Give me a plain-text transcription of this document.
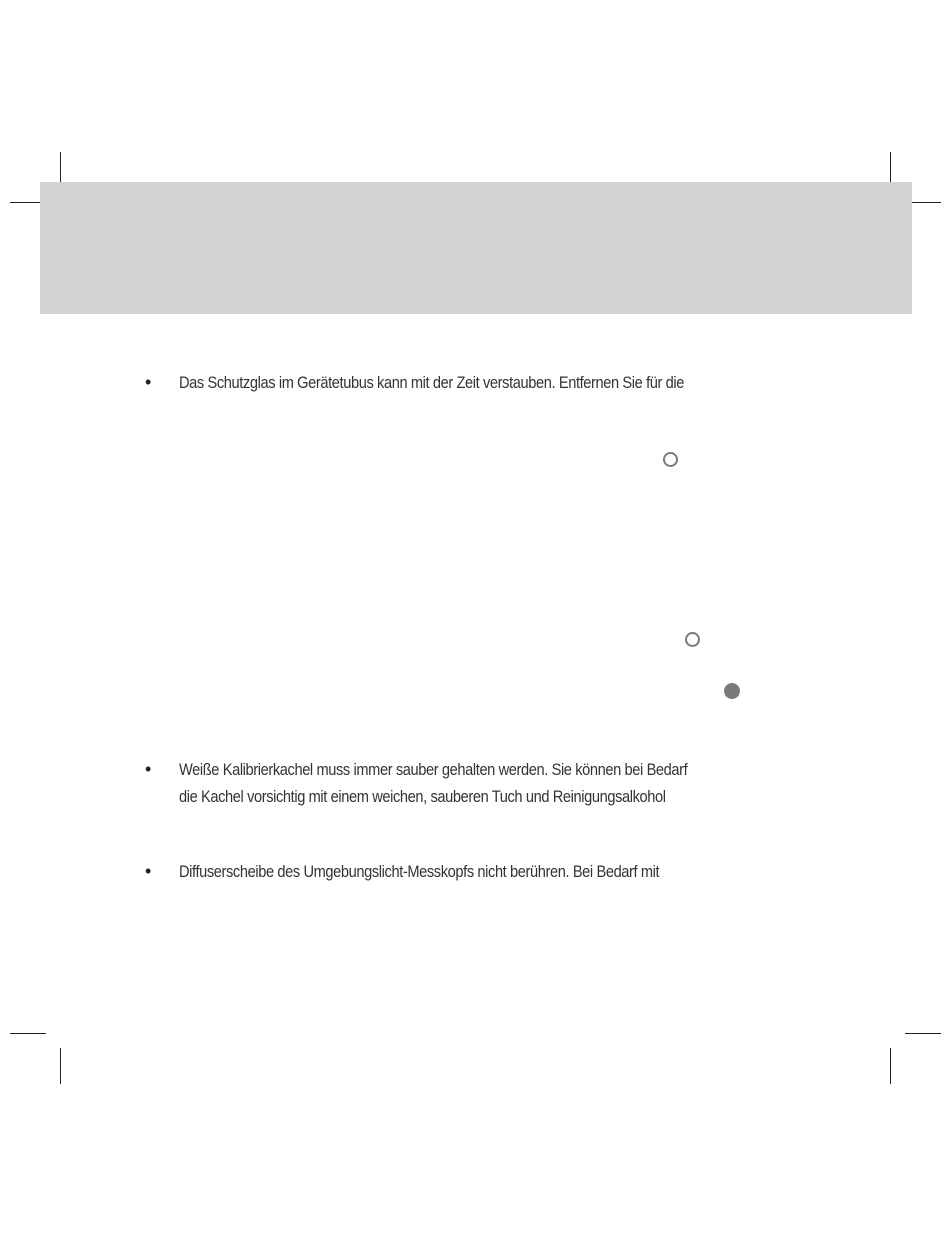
• Das Schutzglas im Gerätetubus kann mit der Zeit verstauben. Entfernen Sie für die
• Weiße Kalibrierkachel muss immer sauber gehalten werden. Sie können bei Bedarf
die Kachel vorsichtig mit einem weichen, sauberen Tuch und Reinigungsalkohol
• Diffuserscheibe des Umgebungslicht-Messkopfs nicht berühren. Bei Bedarf mit
